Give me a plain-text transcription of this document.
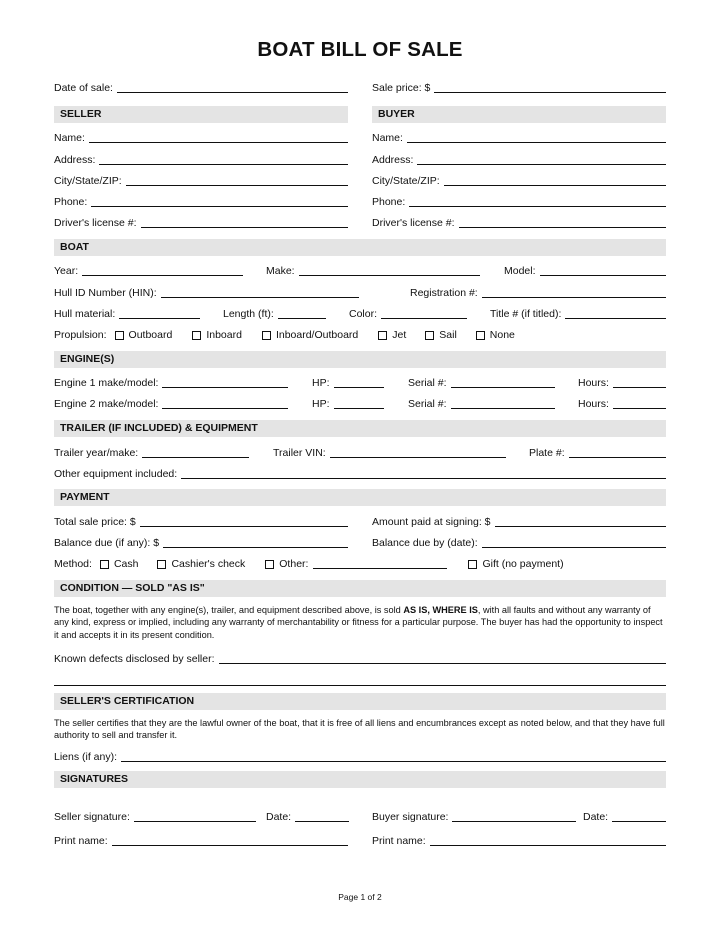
BOAT BILL OF SALE
Date of sale:	Sale price: $
SELLER	BUYER
Name:	Name:
Address:	Address:
City/State/ZIP:	City/State/ZIP:
Phone:	Phone:
Driver's license #:	Driver's license #:
BOAT
Year:	Make:	Model:
Hull ID Number (HIN):	Registration #:
Hull material:	Length (ft):	Color:	Title # (if titled):
Propulsion: Outboard	Inboard	Inboard/Outboard	Jet	Sail	None
ENGINE(S)
Engine 1 make/model:	HP:	Serial #:	Hours:
Engine 2 make/model:	HP:	Serial #:	Hours:
TRAILER (IF INCLUDED) & EQUIPMENT
Trailer year/make:	Trailer VIN:	Plate #:
Other equipment included:
PAYMENT
Total sale price: $	Amount paid at signing: $
Balance due (if any): $	Balance due by (date):
Method: Cash	Cashier's check	Other:	Gift (no payment)
CONDITION — SOLD "AS IS"
The boat, together with any engine(s), trailer, and equipment described above, is sold AS IS, WHERE IS, with all faults and without any warranty of any kind, express or implied, including any warranty of merchantability or fitness for a particular purpose. The buyer has had the opportunity to inspect it and accepts it in its present condition.
Known defects disclosed by seller:
SELLER'S CERTIFICATION
The seller certifies that they are the lawful owner of the boat, that it is free of all liens and encumbrances except as noted below, and that they have full authority to sell and transfer it.
Liens (if any):
SIGNATURES
Seller signature:	Date:	Buyer signature:	Date:
Print name:	Print name:
Page 1 of 2
